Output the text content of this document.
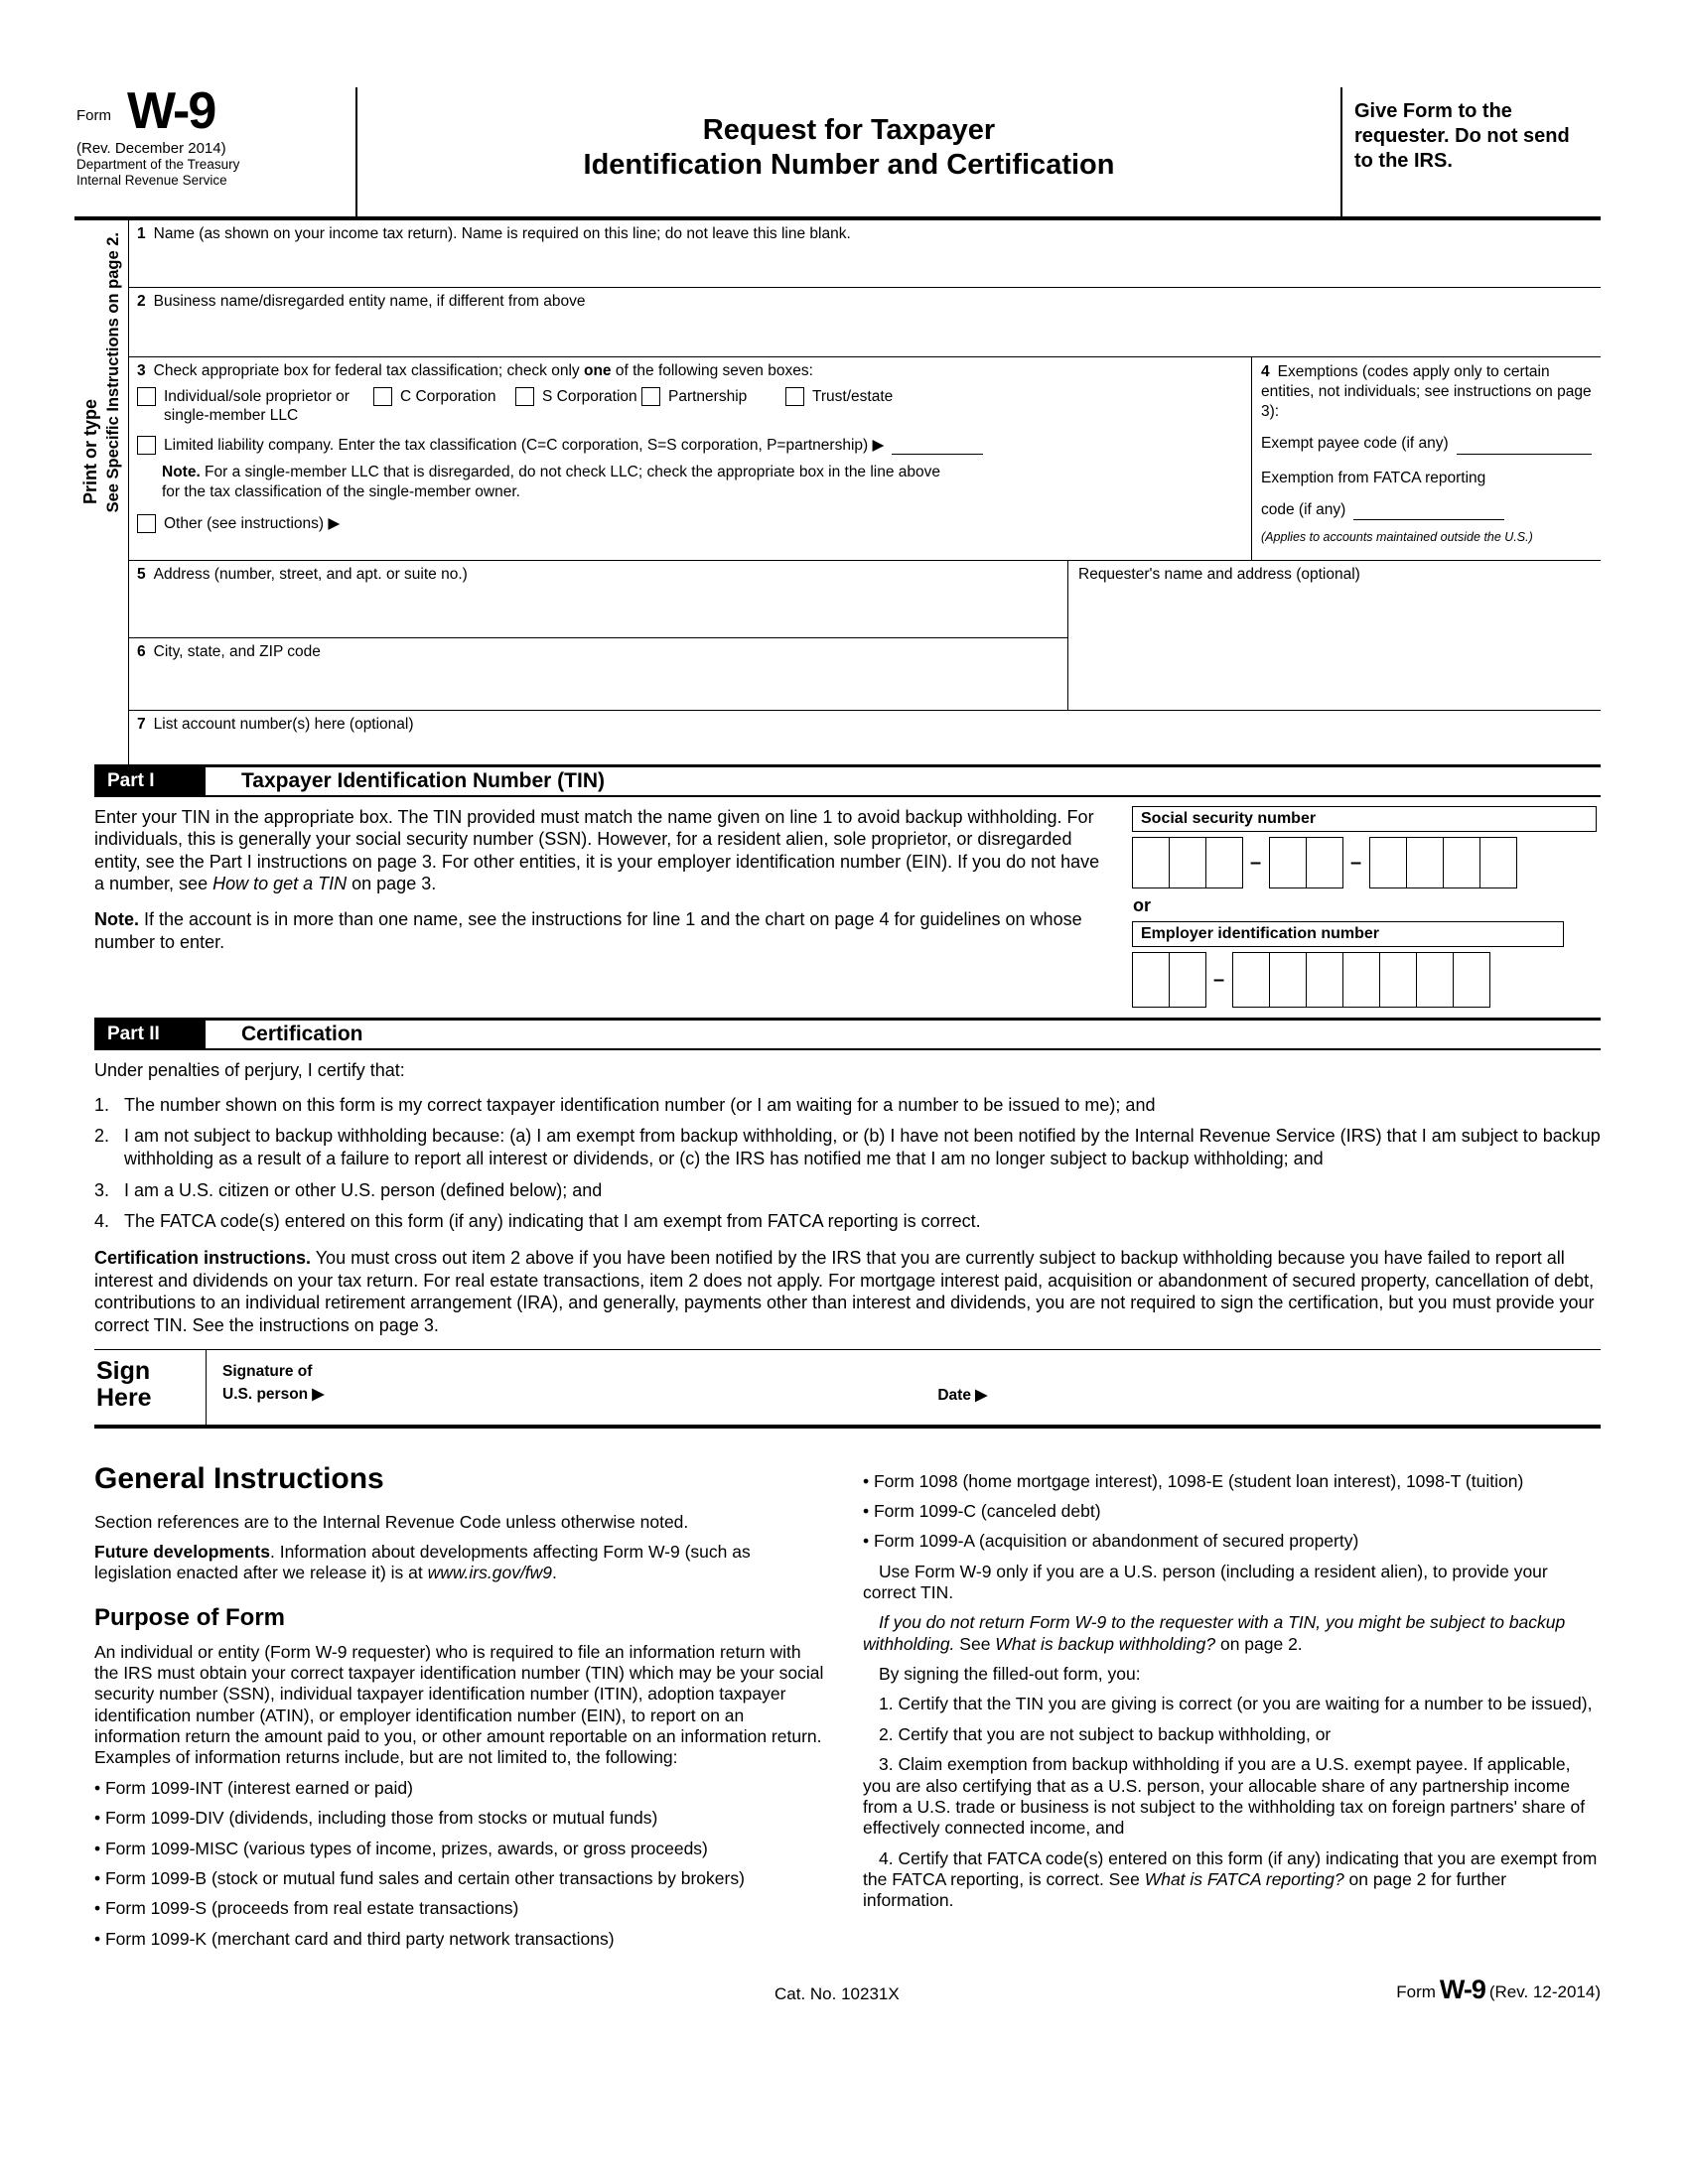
Form W-9
(Rev. December 2014)
Department of the Treasury
Internal Revenue Service
Request for Taxpayer
Identification Number and Certification
Give Form to the requester. Do not send to the IRS.
See Specific Instructions on page 2.
Print or type
1 Name (as shown on your income tax return). Name is required on this line; do not leave this line blank.
2 Business name/disregarded entity name, if different from above
3 Check appropriate box for federal tax classification; check only one of the following seven boxes:
Individual/sole proprietor or single-member LLC
C Corporation	S Corporation Partnership	Trust/estate
Limited liability company. Enter the tax classification (C=C corporation, S=S corporation, P=partnership) ▶
Note. For a single-member LLC that is disregarded, do not check LLC; check the appropriate box in the line above for the tax classification of the single-member owner.
Other (see instructions) ▶
4 Exemptions (codes apply only to certain entities, not individuals; see instructions on page 3):
Exempt payee code (if any)
Exemption from FATCA reporting
code (if any)
(Applies to accounts maintained outside the U.S.)
5 Address (number, street, and apt. or suite no.)
6 City, state, and ZIP code
Requester's name and address (optional)
7 List account number(s) here (optional)
Part I	Taxpayer Identification Number (TIN)
Enter your TIN in the appropriate box. The TIN provided must match the name given on line 1 to avoid backup withholding. For individuals, this is generally your social security number (SSN). However, for a resident alien, sole proprietor, or disregarded entity, see the Part I instructions on page 3. For other entities, it is your employer identification number (EIN). If you do not have a number, see How to get a TIN on page 3.
Note. If the account is in more than one name, see the instructions for line 1 and the chart on page 4 for guidelines on whose number to enter.
Social security number
–	–
or
Employer identification number
–
Part II	Certification
Under penalties of perjury, I certify that:
1. The number shown on this form is my correct taxpayer identification number (or I am waiting for a number to be issued to me); and
2. I am not subject to backup withholding because: (a) I am exempt from backup withholding, or (b) I have not been notified by the Internal Revenue Service (IRS) that I am subject to backup withholding as a result of a failure to report all interest or dividends, or (c) the IRS has notified me that I am no longer subject to backup withholding; and
3. I am a U.S. citizen or other U.S. person (defined below); and
4. The FATCA code(s) entered on this form (if any) indicating that I am exempt from FATCA reporting is correct.
Certification instructions. You must cross out item 2 above if you have been notified by the IRS that you are currently subject to backup withholding because you have failed to report all interest and dividends on your tax return. For real estate transactions, item 2 does not apply. For mortgage interest paid, acquisition or abandonment of secured property, cancellation of debt, contributions to an individual retirement arrangement (IRA), and generally, payments other than interest and dividends, you are not required to sign the certification, but you must provide your correct TIN. See the instructions on page 3.
Sign
Here
Signature of
U.S. person ▶	Date ▶
General Instructions

Section references are to the Internal Revenue Code unless otherwise noted.

Future developments. Information about developments affecting Form W-9 (such as legislation enacted after we release it) is at www.irs.gov/fw9.

Purpose of Form

An individual or entity (Form W-9 requester) who is required to file an information return with the IRS must obtain your correct taxpayer identification number (TIN) which may be your social security number (SSN), individual taxpayer identification number (ITIN), adoption taxpayer identification number (ATIN), or employer identification number (EIN), to report on an information return the amount paid to you, or other amount reportable on an information return. Examples of information returns include, but are not limited to, the following:

• Form 1099-INT (interest earned or paid)

• Form 1099-DIV (dividends, including those from stocks or mutual funds)

• Form 1099-MISC (various types of income, prizes, awards, or gross proceeds)

• Form 1099-B (stock or mutual fund sales and certain other transactions by brokers)

• Form 1099-S (proceeds from real estate transactions)

• Form 1099-K (merchant card and third party network transactions)

• Form 1098 (home mortgage interest), 1098-E (student loan interest), 1098-T (tuition)

• Form 1099-C (canceled debt)

• Form 1099-A (acquisition or abandonment of secured property)

Use Form W-9 only if you are a U.S. person (including a resident alien), to provide your correct TIN.

If you do not return Form W-9 to the requester with a TIN, you might be subject to backup withholding. See What is backup withholding? on page 2.

By signing the filled-out form, you:

1. Certify that the TIN you are giving is correct (or you are waiting for a number to be issued),

2. Certify that you are not subject to backup withholding, or

3. Claim exemption from backup withholding if you are a U.S. exempt payee. If applicable, you are also certifying that as a U.S. person, your allocable share of any partnership income from a U.S. trade or business is not subject to the withholding tax on foreign partners' share of effectively connected income, and

4. Certify that FATCA code(s) entered on this form (if any) indicating that you are exempt from the FATCA reporting, is correct. See What is FATCA reporting? on page 2 for further information.

Cat. No. 10231X	Form W-9 (Rev. 12-2014)
